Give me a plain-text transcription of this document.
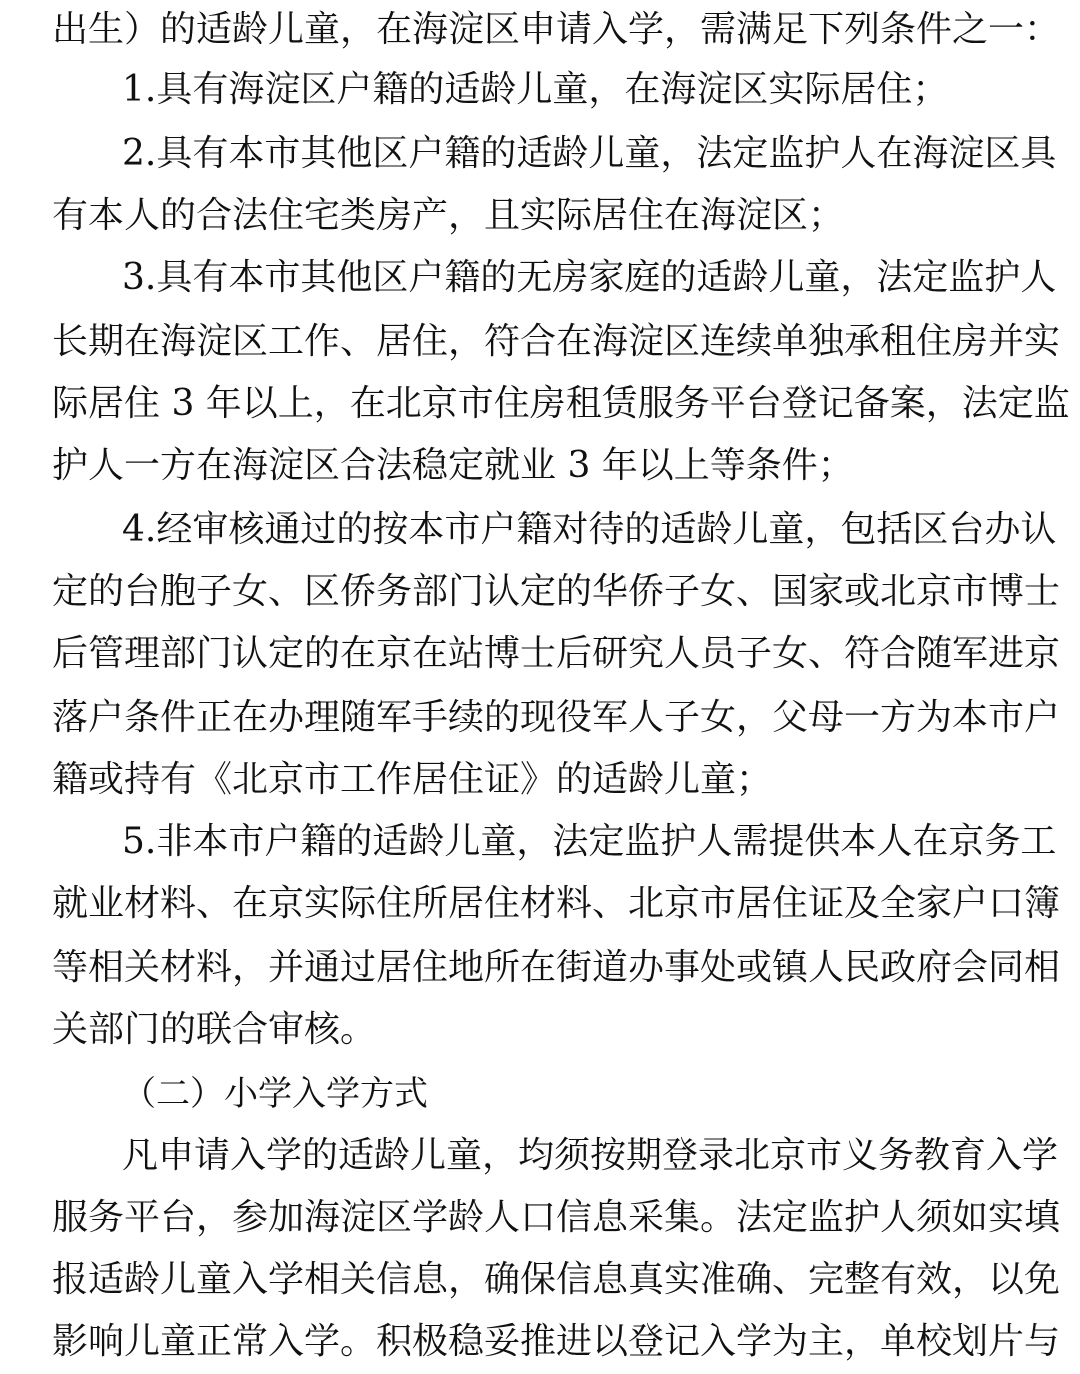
出生）的适龄儿童，在海淀区申请入学，需满足下列条件之一：
1.具有海淀区户籍的适龄儿童，在海淀区实际居住；
2.具有本市其他区户籍的适龄儿童，法定监护人在海淀区具
有本人的合法住宅类房产，且实际居住在海淀区；
3.具有本市其他区户籍的无房家庭的适龄儿童，法定监护人
长期在海淀区工作、居住，符合在海淀区连续单独承租住房并实
际居住 3 年以上，在北京市住房租赁服务平台登记备案，法定监
护人一方在海淀区合法稳定就业 3 年以上等条件；
4.经审核通过的按本市户籍对待的适龄儿童，包括区台办认
定的台胞子女、区侨务部门认定的华侨子女、国家或北京市博士
后管理部门认定的在京在站博士后研究人员子女、符合随军进京
落户条件正在办理随军手续的现役军人子女，父母一方为本市户
籍或持有《北京市工作居住证》的适龄儿童；
5.非本市户籍的适龄儿童，法定监护人需提供本人在京务工
就业材料、在京实际住所居住材料、北京市居住证及全家户口簿
等相关材料，并通过居住地所在街道办事处或镇人民政府会同相
关部门的联合审核。
（二）小学入学方式
凡申请入学的适龄儿童，均须按期登录北京市义务教育入学
服务平台，参加海淀区学龄人口信息采集。法定监护人须如实填
报适龄儿童入学相关信息，确保信息真实准确、完整有效，以免
影响儿童正常入学。积极稳妥推进以登记入学为主，单校划片与
